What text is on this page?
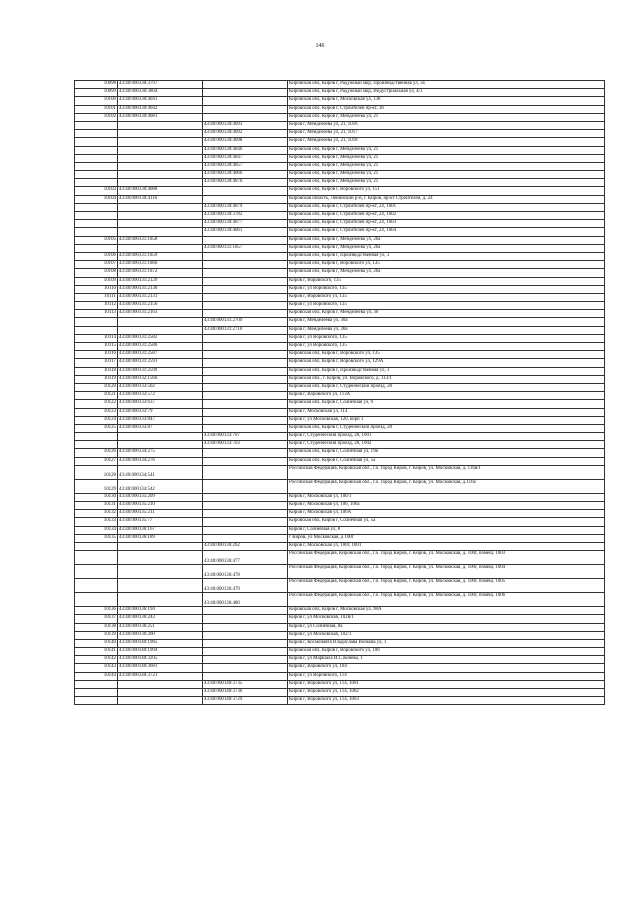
146
10098	43:40:000130:3797		Кировская обл, Киров г, Радужный мкр, Производственная ул, 3а
10099	43:40:000130:3804		Кировская обл, Киров г, Радужный мкр, Индустриальная ул, 4/1
10100	43:40:000130:4041		Кировская обл, Киров г, Московская ул, 138
10101	43:40:000130:4042		Кировская обл, Киров г, Строителей пр-кт, 36
10102	43:40:000130:4081		Кировская обл, Киров г, Менделеева ул, 21
		43:40:000130:4093	Киров г, Менделеева ул, 21, 1016
		43:40:000130:4092	Киров г, Менделеева ул, 21, 1017
		43:40:000130:4098	Киров г, Менделеева ул, 21, 1018
		43:40:000130:4046	Кировская обл, Киров г, Менделеева ул, 21
		43:40:000130:4047	Кировская обл, Киров г, Менделеева ул, 21
		43:40:000130:4057	Кировская обл, Киров г, Менделеева ул, 21
		43:40:000130:4066	Кировская обл, Киров г, Менделеева ул, 21
		43:40:000130:4070	Кировская обл, Киров г, Менделеева ул, 21
10103	43:40:000130:4088		Кировская обл, Киров г, Воровского ул, 151
10104	43:40:000130:4116		Кировская область, Ленинский р-н, г. Киров, пр-кт Строителей, д. 24
		43:40:000130:4079	Кировская обл, Киров г, Строителей пр-кт, 24, 1001
		43:40:000130:3782	Кировская обл, Киров г, Строителей пр-кт, 24, 1002
		43:40:000130:4077	Кировская обл, Киров г, Строителей пр-кт, 24, 1003
		43:40:000130:4061	Кировская обл, Киров г, Строителей пр-кт, 24, 1004
10105	43:40:000131:1858		Кировская обл, Киров г, Менделеева ул, 26а
		43:40:000131:1857	Кировская обл, Киров г, Менделеева ул, 26а
10106	43:40:000131:1859		Кировская обл, Киров г, Производственная ул, 3
10107	43:40:000131:1860		Кировская обл, Киров г, Воровского ул, 135
10108	43:40:000131:1872		Кировская обл, Киров г, Менделеева ул, 26а
10109	43:40:000131:2129		Киров г, Воровского, 135
10110	43:40:000131:2130		Киров г, ул Воровского, 135
10111	43:40:000131:2131		Киров г, Воровского ул, 135
10112	43:40:000131:2156		Киров г, ул Воровского, 135
10113	43:40:000131:2163		Кировская обл, Киров г, Менделеева ул, 30
		43:40:000131:2709	Киров г, Менделеева ул, 30а
		43:40:000131:2710	Киров г, Менделеева ул, 30а
10114	43:40:000131:2582		Киров г, ул Воровского, 135
10115	43:40:000131:2586		Киров г, ул Воровского, 135
10116	43:40:000131:2587		Кировская обл, Киров г, Воровского ул, 135
10117	43:40:000131:2591		Кировская обл, Киров г, Воровского ул, 129А
10118	43:40:000131:2599		Кировская обл, Киров г, Производственная ул, 3
10119	43:40:000132:1566		Кировская обл., г. Киров, ул. Воровского, д. 113/1
10120	43:40:000133:502		Кировская обл, Киров г, Студенческий проезд, 28
10121	43:40:000133:572		Киров г, Воровского ул, 113А
10122	43:40:000133:637		Кировская обл, Киров г, Солнечная ул, 9
10123	43:40:000133:79		Киров г, Московская ул, 114
10124	43:40:000133:847		Киров г, ул Московская, 120, корп 1
10125	43:40:000133:87		Кировская обл, Киров г, Студенческий проезд, 28
		43:40:000133:707	Киров г, Студенческий проезд, 28, 1001
		43:40:000133:703	Киров г, Студенческий проезд, 28, 1002
10126	43:40:000134:275		Кировская обл, Киров г, Солнечная ул, 19в
10127	43:40:000134:276		Кировская обл, Киров г, Солнечная ул, 5а
10128	43:40:000134:541		Российская Федерация, Кировская обл., г.о. город Киров, г. Киров, ул. Московская, д. 116в/1
10129	43:40:000134:542		Российская Федерация, Кировская обл., г.о. город Киров, г. Киров, ул. Московская, д.116а
10130	43:40:000135:209		Киров г, Московская ул, 106/1
10131	43:40:000135:210		Киров г, Московская ул, 106, 106а
10132	43:40:000135:211		Киров г, Московская ул, 106А
10133	43:40:000135:77		Кировская обл, Киров г, Солнечная ул, 5а
10134	43:40:000136:167		Киров г, Солнечная ул, 8
10135	43:40:000136:189		г Киров, ул Московская, д 100г
		43:40:000136:262	Киров г, Московская ул, 100г, 1001
		43:40:000136:477	Российская Федерация, Кировская обл., г.о. город Киров, г. Киров, ул. Московская, д. 100г, помещ. 1003
		43:40:000136:478	Российская Федерация, Кировская обл., г.о. город Киров, г. Киров, ул. Московская, д. 100г, помещ. 1004
		43:40:000136:479	Российская Федерация, Кировская обл., г.о. город Киров, г. Киров, ул. Московская, д. 100г, помещ. 1005
		43:40:000136:480	Российская Федерация, Кировская обл., г.о. город Киров, г. Киров, ул. Московская, д. 100г, помещ. 1006
10136	43:40:000136:194		Кировская обл, Киров г, Московская ул, 98А
10137	43:40:000136:243		Киров г, ул Московская, 102в/1
10138	43:40:000136:251		Киров г, ул Солнечная, 8а
10139	43:40:000136:260		Киров г, ул Московская, 102/1
10140	43:40:000140:1985		Киров г, Космонавта Владислава Волкова ул, 1
10141	43:40:000140:1994		Кировская обл, Киров г, Воровского ул, 108
10142	43:40:000140:3205		Киров г, ул Маршала И.С.Конева, 1
10143	43:40:000140:3681		Киров г, Воровского ул, 104
10144	43:40:000140:3721		Киров г, ул Воровского, 114
		43:40:000140:3735	Киров г, Воровского ул, 114, 1001
		43:40:000140:3736	Киров г, Воровского ул, 114, 1002
		43:40:000140:3729	Киров г, Воровского ул, 114, 1003
